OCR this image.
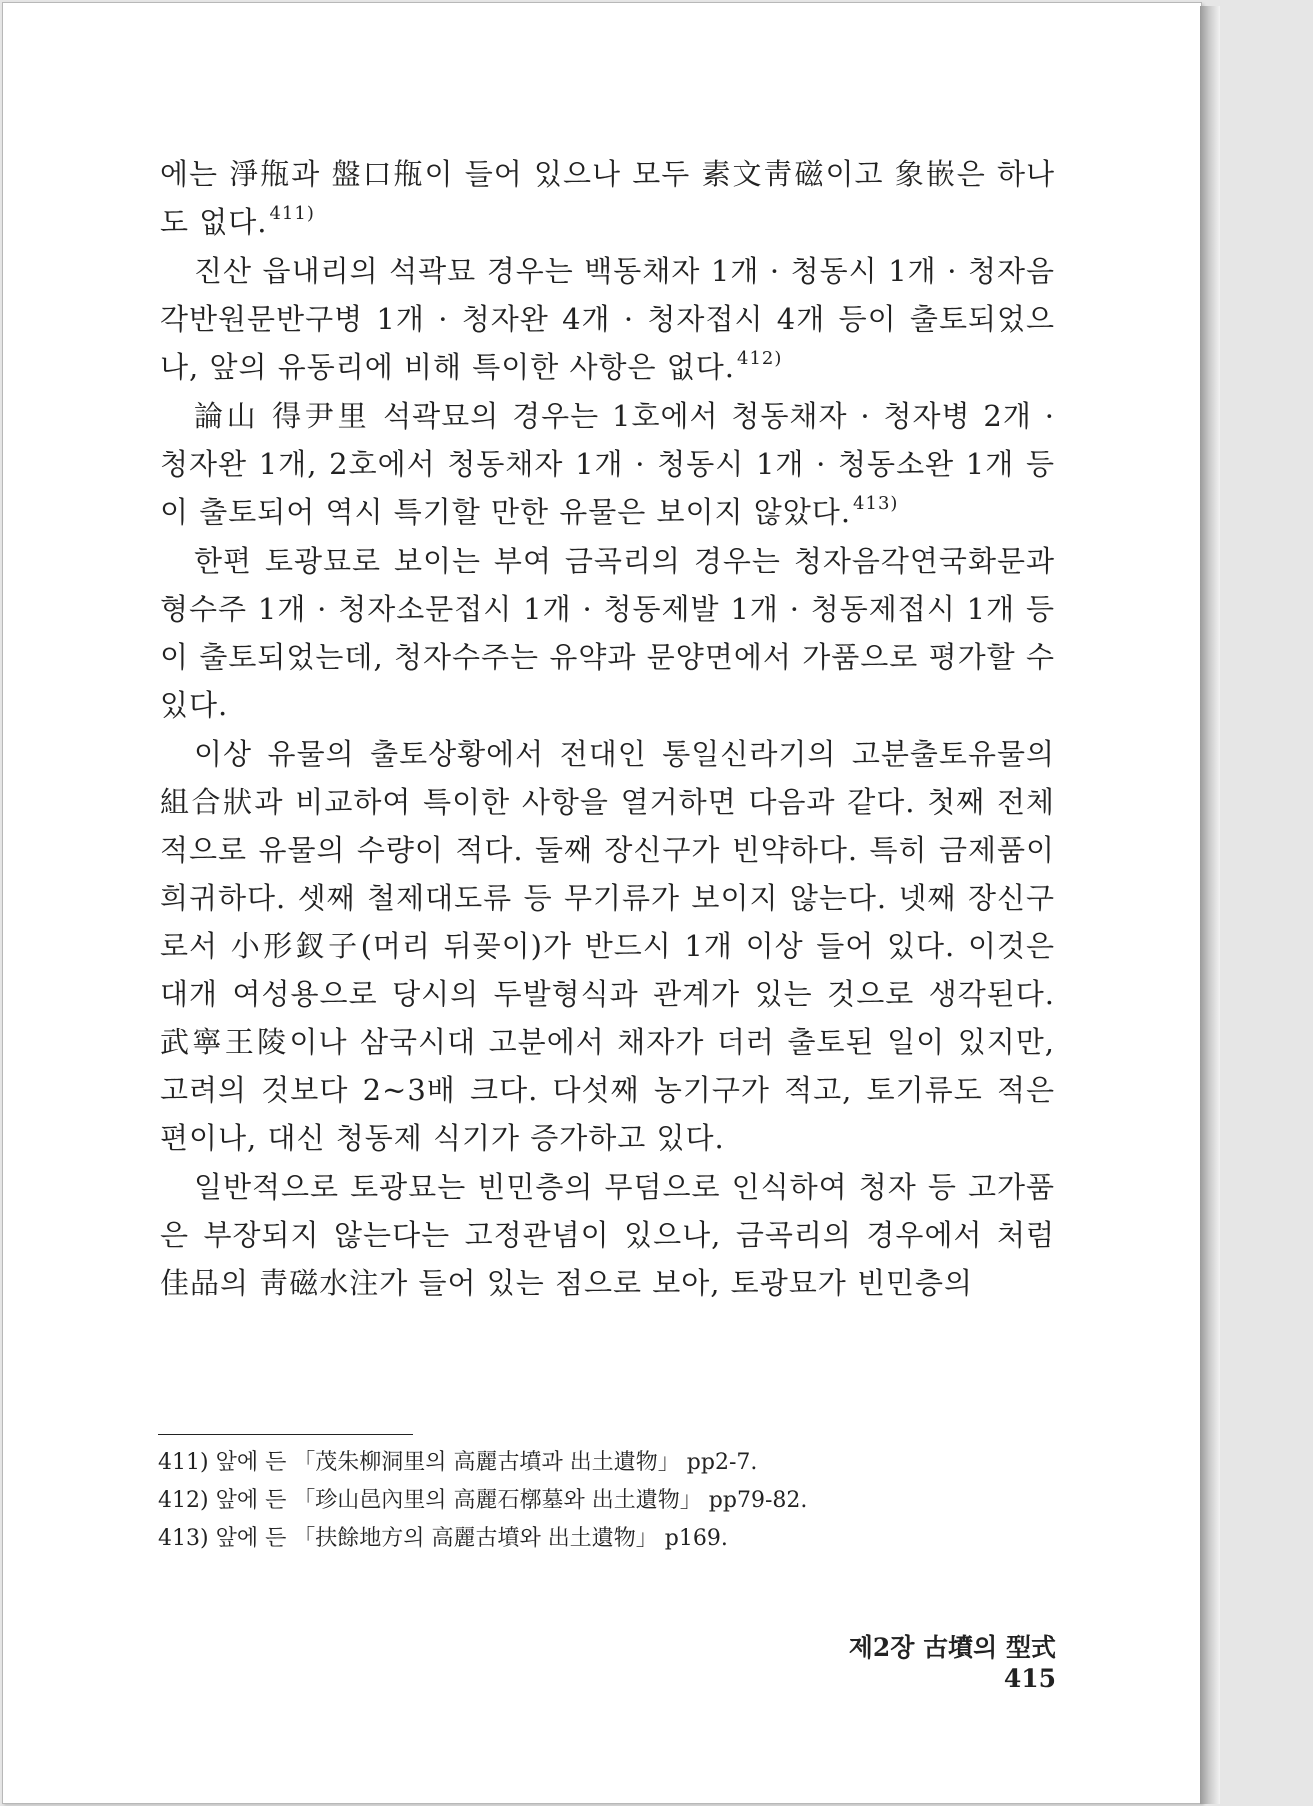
에는 淨甁과 盤口甁이 들어 있으나 모두 素文靑磁이고 象嵌은 하나도 없다. $^{411)}$

진산 읍내리의 석곽묘 경우는 백동채자 1개 · 청동시 1개 · 청자음각반원문반구병 1개 · 청자완 4개 · 청자접시 4개 등이 출토되었으나, 앞의 유동리에 비해 특이한 사항은 없다. $^{412)}$

論山 得尹里 석곽묘의 경우는 1호에서 청동채자 · 청자병 2개 · 청자완 1개, 2호에서 청동채자 1개 · 청동시 1개 · 청동소완 1개 등이 출토되어 역시 특기할 만한 유물은 보이지 않았다. $^{413)}$

한편 토광묘로 보이는 부여 금곡리의 경우는 청자음각연국화문과형수주 1개 · 청자소문접시 1개 · 청동제발 1개 · 청동제접시 1개 등이 출토되었는데, 청자수주는 유약과 문양면에서 가품으로 평가할 수 있다.

이상 유물의 출토상황에서 전대인 통일신라기의 고분출토유물의 組合狀과 비교하여 특이한 사항을 열거하면 다음과 같다. 첫째 전체적으로 유물의 수량이 적다. 둘째 장신구가 빈약하다. 특히 금제품이 희귀하다. 셋째 철제대도류 등 무기류가 보이지 않는다. 넷째 장신구로서 小形釵子(머리 뒤꽂이)가 반드시 1개 이상 들어 있다. 이것은 대개 여성용으로 당시의 두발형식과 관계가 있는 것으로 생각된다. 武寧王陵이나 삼국시대 고분에서 채자가 더러 출토된 일이 있지만, 고려의 것보다 2~3배 크다. 다섯째 농기구가 적고, 토기류도 적은 편이나, 대신 청동제 식기가 증가하고 있다.

일반적으로 토광묘는 빈민층의 무덤으로 인식하여 청자 등 고가품은 부장되지 않는다는 고정관념이 있으나, 금곡리의 경우에서 처럼 佳品의 靑磁水注가 들어 있는 점으로 보아, 토광묘가 빈민층의

411) 앞에 든 「茂朱柳洞里의 高麗古墳과 出土遺物」 pp2-7.
412) 앞에 든 「珍山邑內里의 高麗石槨墓와 出土遺物」 pp79-82.
413) 앞에 든 「扶餘地方의 高麗古墳와 出土遺物」 p169.
제2장 古墳의 型式 415
